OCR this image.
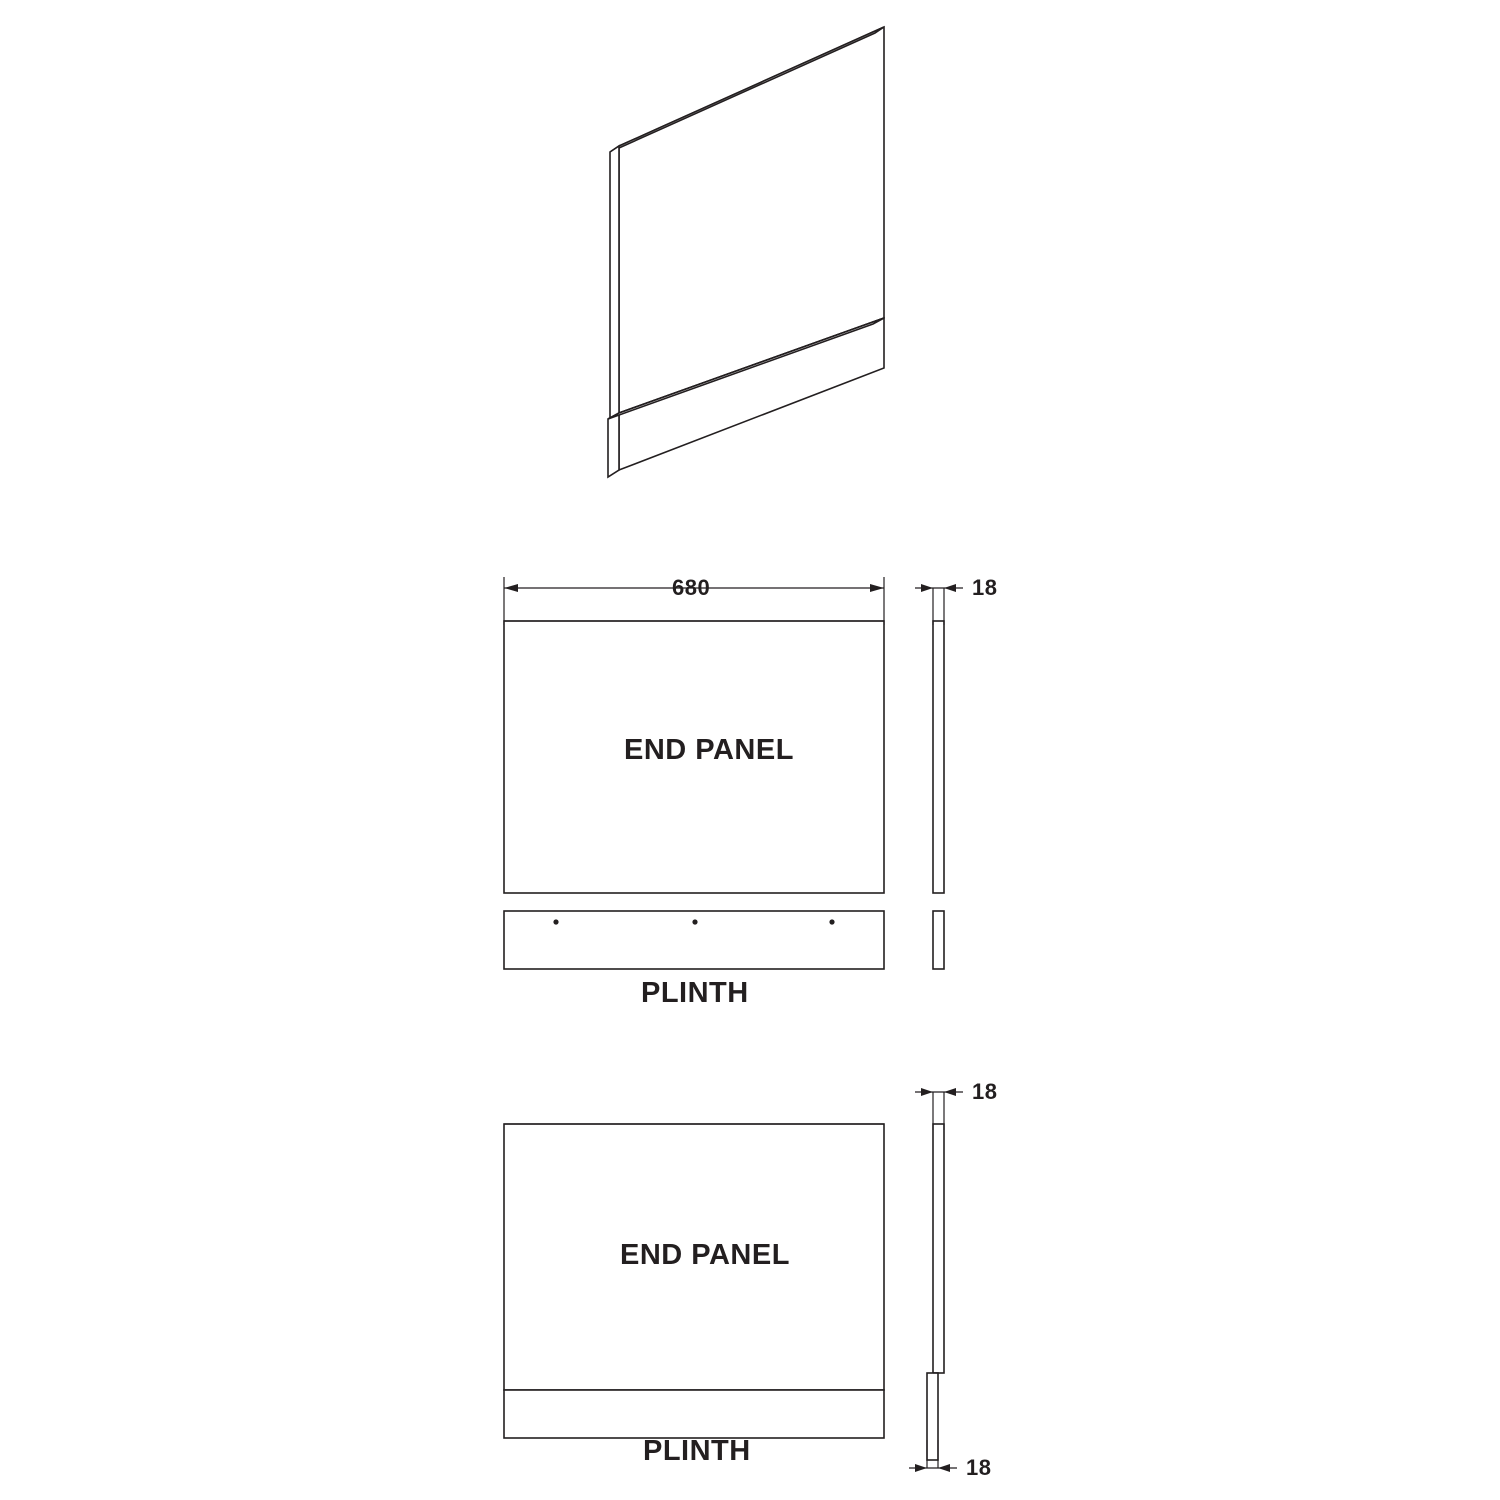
680	18
END PANEL
PLINTH
18
END PANEL
PLINTH
18
